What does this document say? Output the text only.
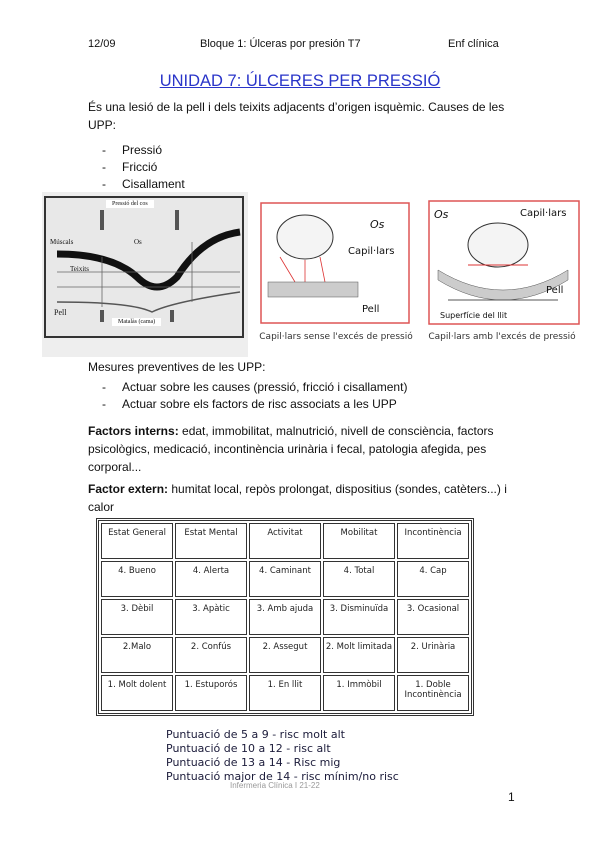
12/09	Bloque 1: Úlceras por presión T7	Enf clínica
UNIDAD 7: ÚLCERES PER PRESSIÓ
És una lesió de la pell i dels teixits adjacents d’origen isquèmic. Causes de les UPP:
- Pressió
- Fricció
- Cisallament
Pressió del cos
Múscals	Os
Teixits
Pell
Matalàs (cama)
Os
Capil·lars
Pell
Capil·lars sense l'excés de pressió
Os	Capil·lars
Pell
Superfície del llit
Capil·lars amb l'excés de pressió
Mesures preventives de les UPP:
- Actuar sobre les causes (pressió, fricció i cisallament)
- Actuar sobre els factors de risc associats a les UPP
Factors interns: edat, immobilitat, malnutrició, nivell de consciència, factors psicològics, medicació, incontinència urinària i fecal, patologia afegida, pes corporal...
Factor extern: humitat local, repòs prolongat, dispositius (sondes, catèters...) i calor
Estat General	Estat Mental	Activitat	Mobilitat	Incontinència
4. Bueno	4. Alerta	4. Caminant	4. Total	4. Cap
3. Dèbil	3. Apàtic	3. Amb ajuda	3. Disminuïda	3. Ocasional
2.Malo	2. Confús	2. Assegut	2. Molt limitada	2. Urinària
1. Molt dolent	1. Estuporós	1. En llit	1. Immòbil	1. Doble Incontinència
Puntuació de 5 a 9 - risc molt alt
Puntuació de 10 a 12 - risc alt
Puntuació de 13 a 14 - Risc mig
Puntuació major de 14 - risc mínim/no risc
Infermeria Clínica I 21-22
1
